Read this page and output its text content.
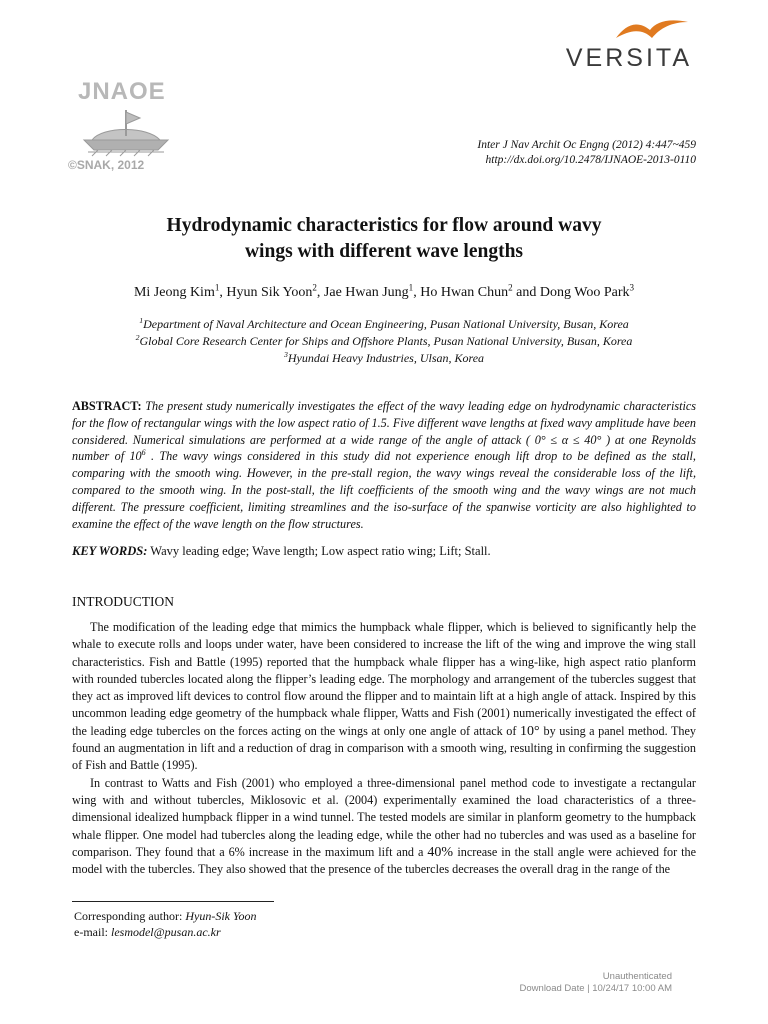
VERSITA
JNAOE
©SNAK, 2012
Inter J Nav Archit Oc Engng (2012) 4:447~459
http://dx.doi.org/10.2478/IJNAOE-2013-0110
Hydrodynamic characteristics for flow around wavy
wings with different wave lengths
Mi Jeong Kim$^1$, Hyun Sik Yoon$^2$, Jae Hwan Jung$^1$, Ho Hwan Chun$^2$ and Dong Woo Park$^3$
$^1$Department of Naval Architecture and Ocean Engineering, Pusan National University, Busan, Korea
$^2$Global Core Research Center for Ships and Offshore Plants, Pusan National University, Busan, Korea
$^3$Hyundai Heavy Industries, Ulsan, Korea
ABSTRACT: The present study numerically investigates the effect of the wavy leading edge on hydrodynamic characteristics for the flow of rectangular wings with the low aspect ratio of 1.5. Five different wave lengths at fixed wavy amplitude have been considered. Numerical simulations are performed at a wide range of the angle of attack ( 0° ≤ α ≤ 40° ) at one Reynolds number of $10^6$ . The wavy wings considered in this study did not experience enough lift drop to be defined as the stall, comparing with the smooth wing. However, in the pre-stall region, the wavy wings reveal the considerable loss of the lift, compared to the smooth wing. In the post-stall, the lift coefficients of the smooth wing and the wavy wings are not much different. The pressure coefficient, limiting streamlines and the iso-surface of the spanwise vorticity are also highlighted to examine the effect of the wave length on the flow structures.
KEY WORDS: Wavy leading edge; Wave length; Low aspect ratio wing; Lift; Stall.
INTRODUCTION

The modification of the leading edge that mimics the humpback whale flipper, which is believed to significantly help the whale to execute rolls and loops under water, have been considered to increase the lift of the wing and improve the wing stall characteristics. Fish and Battle (1995) reported that the humpback whale flipper has a wing-like, high aspect ratio planform with rounded tubercles located along the flipper’s leading edge. The morphology and arrangement of the tubercles suggest that they act as improved lift devices to control flow around the flipper and to maintain lift at a high angle of attack. Inspired by this uncommon leading edge geometry of the humpback whale flipper, Watts and Fish (2001) numerically investigated the effect of the leading edge tubercles on the forces acting on the wings at only one angle of attack of 10° by using a panel method. They found an augmentation in lift and a reduction of drag in comparison with a smooth wing, resulting in confirming the suggestion of Fish and Battle (1995).

In contrast to Watts and Fish (2001) who employed a three-dimensional panel method code to investigate a rectangular wing with and without tubercles, Miklosovic et al. (2004) experimentally examined the load characteristics of a three-dimensional idealized humpback flipper in a wind tunnel. The tested models are similar in planform geometry to the humpback whale flipper. One model had tubercles along the leading edge, while the other had no tubercles and was used as a baseline for comparison. They found that a 6% increase in the maximum lift and a 40% increase in the stall angle were achieved for the model with the tubercles. They also showed that the presence of the tubercles decreases the overall drag in the range of the

Corresponding author: Hyun-Sik Yoon
e-mail: lesmodel@pusan.ac.kr
Unauthenticated
Download Date | 10/24/17 10:00 AM
